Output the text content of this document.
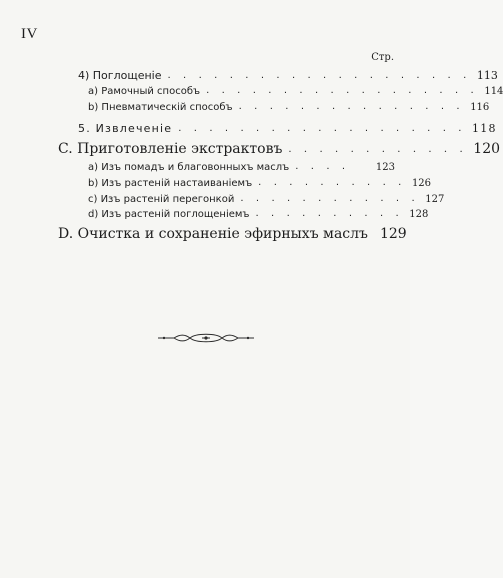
IV
Стр.
4) Поглощеніе . . . . . . . . . . . . . . . . . . . . 113
a) Рамочный способъ . . . . . . . . . . . . . . . . . . 114
b) Пневматическій способъ . . . . . . . . . . . . . . . 116
5. Извлеченіе . . . . . . . . . . . . . . . . . . . 118
C. Приготовленіе экстрактовъ . . . . . . . . . . . . 120
a) Изъ помадъ и благовонныхъ маслъ . . . .	123
b) Изъ растеній настаиваніемъ . . . . . . . . . . 126
c) Изъ растеній перегонкой . . . . . . . . . . . . 127
d) Изъ растеній поглощеніемъ . . . . . . . . . . 128
D. Очистка и сохраненіе эфирныхъ маслъ 129
